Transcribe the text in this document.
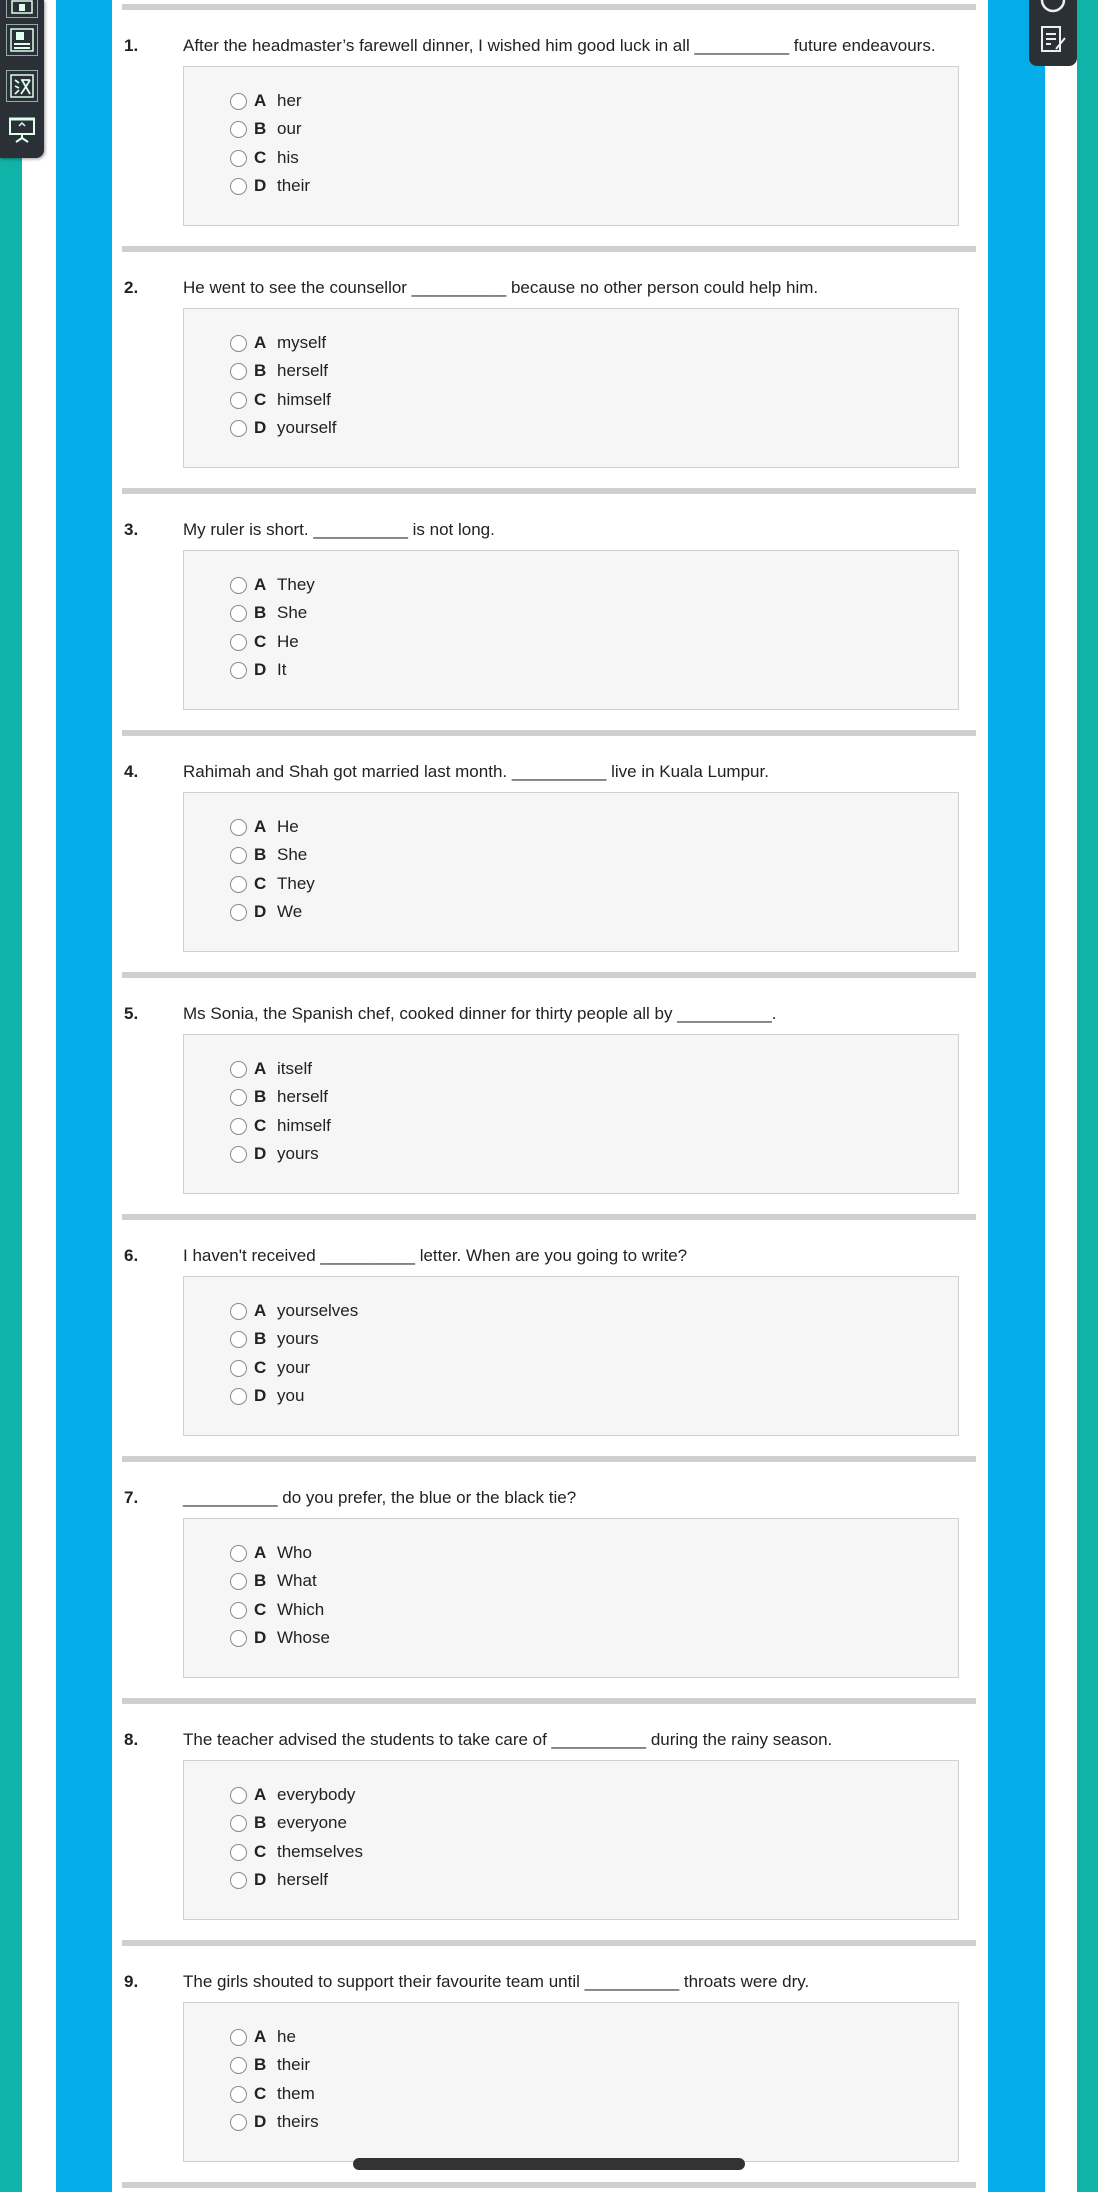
1.	After the headmaster’s farewell dinner, I wished him good luck in all __________ future endeavours.
A her
B our
C his
D their
2.	He went to see the counsellor __________ because no other person could help him.
A myself
B herself
C himself
D yourself
3.	My ruler is short. __________ is not long.
A They
B She
C He
D It
4.	Rahimah and Shah got married last month. __________ live in Kuala Lumpur.
A He
B She
C They
D We
5.	Ms Sonia, the Spanish chef, cooked dinner for thirty people all by __________.
A itself
B herself
C himself
D yours
6.	I haven't received __________ letter. When are you going to write?
A yourselves
B yours
C your
D you
7.	__________ do you prefer, the blue or the black tie?
A Who
B What
C Which
D Whose
8.	The teacher advised the students to take care of __________ during the rainy season.
A everybody
B everyone
C themselves
D herself
9.	The girls shouted to support their favourite team until __________ throats were dry.
A he
B their
C them
D theirs
